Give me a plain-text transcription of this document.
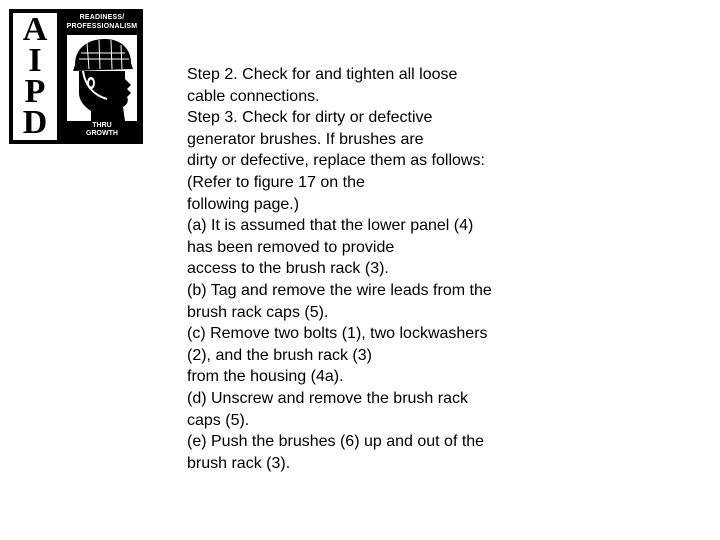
A
I
P
D
READINESS/
PROFESSIONALISM
THRU
GROWTH
Step 2. Check for and tighten all loose
cable connections.
Step 3. Check for dirty or defective
generator brushes. If brushes are
dirty or defective, replace them as follows:
(Refer to figure 17 on the
following page.)
(a) It is assumed that the lower panel (4)
has been removed to provide
access to the brush rack (3).
(b) Tag and remove the wire leads from the
brush rack caps (5).
(c) Remove two bolts (1), two lockwashers
(2), and the brush rack (3)
from the housing (4a).
(d) Unscrew and remove the brush rack
caps (5).
(e) Push the brushes (6) up and out of the
brush rack (3).
